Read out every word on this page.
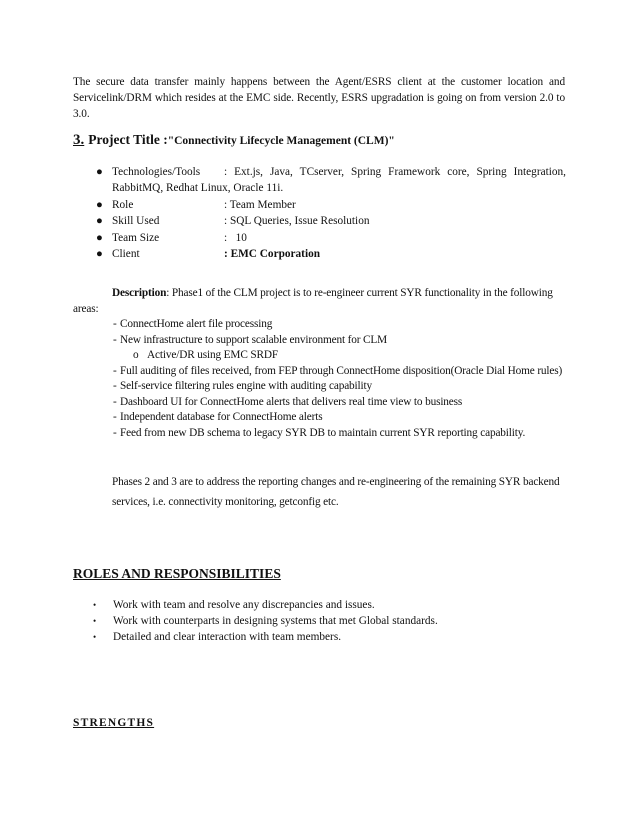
The secure data transfer mainly happens between the Agent/ESRS client at the customer location and Servicelink/DRM which resides at the EMC side. Recently, ESRS upgradation is going on from version 2.0 to 3.0.

3. Project Title :"Connectivity Lifecycle Management (CLM)"
● Technologies/Tools : Ext.js, Java, TCserver, Spring Framework core, Spring Integration, RabbitMQ, Redhat Linux, Oracle 11i.
● Role	: Team Member
● Skill Used	: SQL Queries, Issue Resolution
● Team Size	:   10
● Client	: EMC Corporation
Description: Phase1 of the CLM project is to re-engineer current SYR functionality in the following areas:
- ConnectHome alert file processing
- New infrastructure to support scalable environment for CLM
o Active/DR using EMC SRDF
- Full auditing of files received, from FEP through ConnectHome disposition(Oracle Dial Home rules)
- Self-service filtering rules engine with auditing capability
- Dashboard UI for ConnectHome alerts that delivers real time view to business
- Independent database for ConnectHome alerts
- Feed from new DB schema to legacy SYR DB to maintain current SYR reporting capability.

Phases 2 and 3 are to address the reporting changes and re-engineering of the remaining SYR backend services, i.e. connectivity monitoring, getconfig etc.

ROLES AND RESPONSIBILITIES
• Work with team and resolve any discrepancies and issues.
• Work with counterparts in designing systems that met Global standards.
• Detailed and clear interaction with team members.
STRENGTHS
